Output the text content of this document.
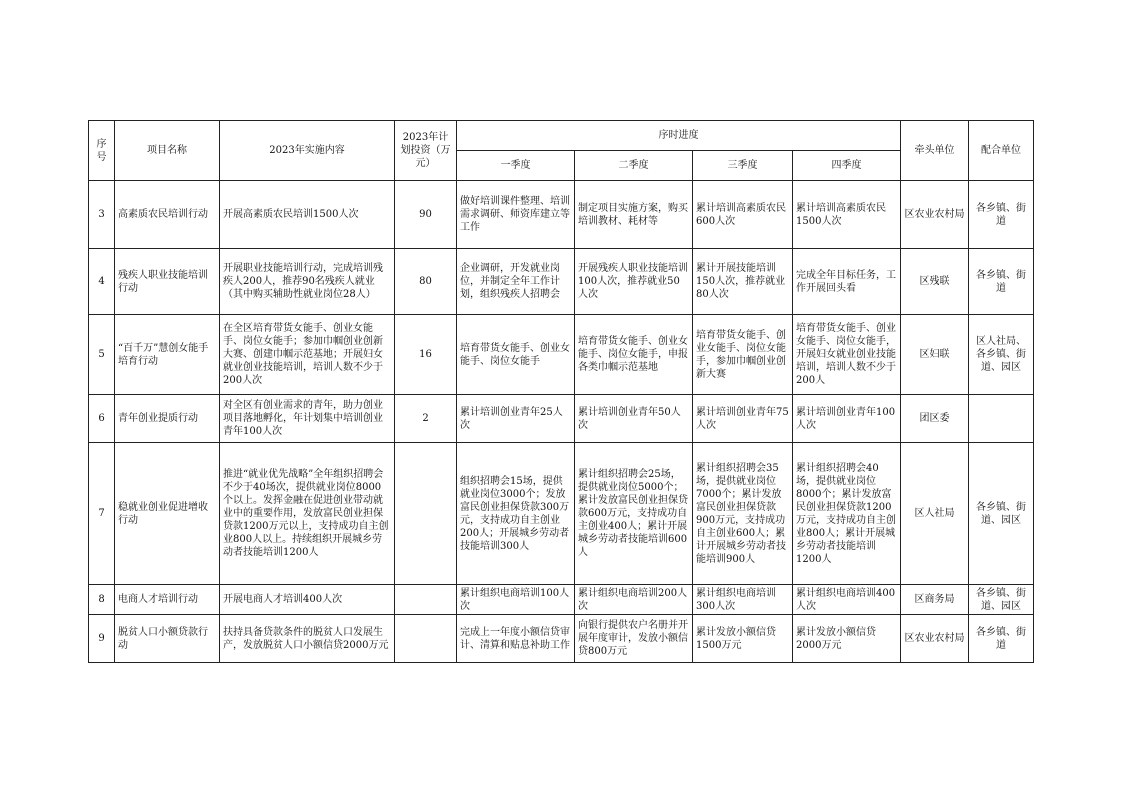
序号	项目名称	2023年实施内容	2023年计划投资（万元）	序时进度				牵头单位	配合单位
				一季度	二季度	三季度	四季度		
3	高素质农民培训行动	开展高素质农民培训1500人次	90	做好培训课件整理、培训需求调研、师资库建立等工作	制定项目实施方案，购买培训教材、耗材等	累计培训高素质农民600人次	累计培训高素质农民1500人次	区农业农村局	各乡镇、街道
4	残疾人职业技能培训行动	开展职业技能培训行动，完成培训残疾人200人，推荐90名残疾人就业（其中购买辅助性就业岗位28人）	80	企业调研，开发就业岗位，并制定全年工作计划，组织残疾人招聘会	开展残疾人职业技能培训100人次，推荐就业50人次	累计开展技能培训150人次，推荐就业80人次	完成全年目标任务，工作开展回头看	区残联	各乡镇、街道
5	“百千万”慧创女能手培育行动	在全区培育带货女能手、创业女能手、岗位女能手；参加巾帼创业创新大赛、创建巾帼示范基地；开展妇女就业创业技能培训，培训人数不少于200人次	16	培育带货女能手、创业女能手、岗位女能手	培育带货女能手、创业女能手、岗位女能手，申报各类巾帼示范基地	培育带货女能手、创业女能手、岗位女能手，参加巾帼创业创新大赛	培育带货女能手、创业女能手、岗位女能手，开展妇女就业创业技能培训，培训人数不少于200人	区妇联	区人社局、各乡镇、街道、园区
6	青年创业提质行动	对全区有创业需求的青年，助力创业项目落地孵化，年计划集中培训创业青年100人次	2	累计培训创业青年25人次	累计培训创业青年50人次	累计培训创业青年75人次	累计培训创业青年100人次	团区委	
7	稳就业创业促进增收行动	推进“就业优先战略”全年组织招聘会不少于40场次，提供就业岗位8000个以上。发挥金融在促进创业带动就业中的重要作用，发放富民创业担保贷款1200万元以上，支持成功自主创业800人以上。持续组织开展城乡劳动者技能培训1200人		组织招聘会15场，提供就业岗位3000个；发放富民创业担保贷款300万元，支持成功自主创业200人；开展城乡劳动者技能培训300人	累计组织招聘会25场，提供就业岗位5000个；累计发放富民创业担保贷款600万元，支持成功自主创业400人；累计开展城乡劳动者技能培训600人	累计组织招聘会35场，提供就业岗位7000个；累计发放富民创业担保贷款900万元，支持成功自主创业600人；累计开展城乡劳动者技能培训900人	累计组织招聘会40场，提供就业岗位8000个；累计发放富民创业担保贷款1200万元，支持成功自主创业800人；累计开展城乡劳动者技能培训1200人	区人社局	各乡镇、街道、园区
8	电商人才培训行动	开展电商人才培训400人次		累计组织电商培训100人次	累计组织电商培训200人次	累计组织电商培训300人次	累计组织电商培训400人次	区商务局	各乡镇、街道、园区
9	脱贫人口小额贷款行动	扶持具备贷款条件的脱贫人口发展生产，发放脱贫人口小额信贷2000万元		完成上一年度小额信贷审计、清算和贴息补助工作	向银行提供农户名册并开展年度审计，发放小额信贷800万元	累计发放小额信贷1500万元	累计发放小额信贷2000万元	区农业农村局	各乡镇、街道
